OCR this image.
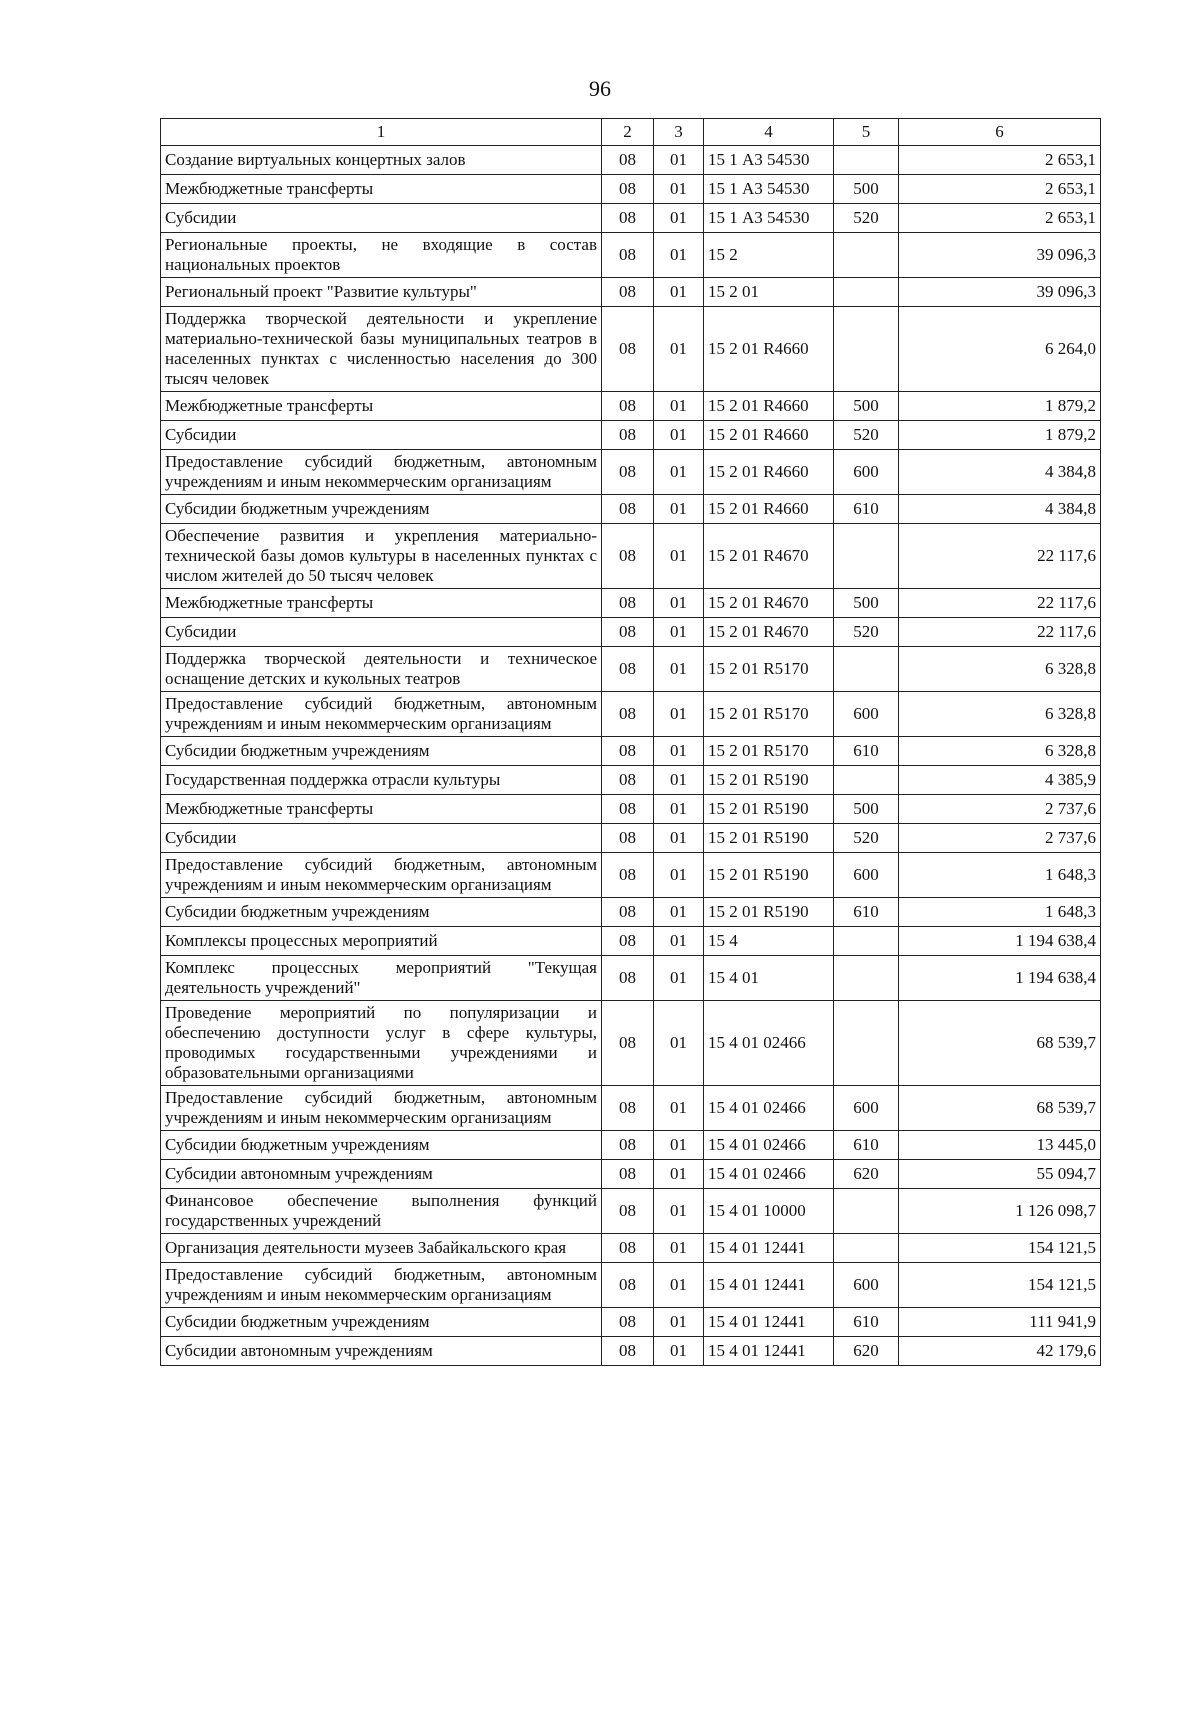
96
1	2	3	4	5	6
Создание виртуальных концертных залов	08	01	15 1 А3 54530		2 653,1
Межбюджетные трансферты	08	01	15 1 А3 54530	500	2 653,1
Субсидии	08	01	15 1 А3 54530	520	2 653,1
Региональные проекты, не входящие в состав национальных проектов	08	01	15 2		39 096,3
Региональный проект "Развитие культуры"	08	01	15 2 01		39 096,3
Поддержка творческой деятельности и укрепление материально-технической базы муниципальных театров в населенных пунктах с численностью населения до 300 тысяч человек	08	01	15 2 01 R4660		6 264,0
Межбюджетные трансферты	08	01	15 2 01 R4660	500	1 879,2
Субсидии	08	01	15 2 01 R4660	520	1 879,2
Предоставление субсидий бюджетным, автономным учреждениям и иным некоммерческим организациям	08	01	15 2 01 R4660	600	4 384,8
Субсидии бюджетным учреждениям	08	01	15 2 01 R4660	610	4 384,8
Обеспечение развития и укрепления материально-технической базы домов культуры в населенных пунктах с числом жителей до 50 тысяч человек	08	01	15 2 01 R4670		22 117,6
Межбюджетные трансферты	08	01	15 2 01 R4670	500	22 117,6
Субсидии	08	01	15 2 01 R4670	520	22 117,6
Поддержка творческой деятельности и техническое оснащение детских и кукольных театров	08	01	15 2 01 R5170		6 328,8
Предоставление субсидий бюджетным, автономным учреждениям и иным некоммерческим организациям	08	01	15 2 01 R5170	600	6 328,8
Субсидии бюджетным учреждениям	08	01	15 2 01 R5170	610	6 328,8
Государственная поддержка отрасли культуры	08	01	15 2 01 R5190		4 385,9
Межбюджетные трансферты	08	01	15 2 01 R5190	500	2 737,6
Субсидии	08	01	15 2 01 R5190	520	2 737,6
Предоставление субсидий бюджетным, автономным учреждениям и иным некоммерческим организациям	08	01	15 2 01 R5190	600	1 648,3
Субсидии бюджетным учреждениям	08	01	15 2 01 R5190	610	1 648,3
Комплексы процессных мероприятий	08	01	15 4		1 194 638,4
Комплекс процессных мероприятий "Текущая деятельность учреждений"	08	01	15 4 01		1 194 638,4
Проведение мероприятий по популяризации и обеспечению доступности услуг в сфере культуры, проводимых государственными учреждениями и образовательными организациями	08	01	15 4 01 02466		68 539,7
Предоставление субсидий бюджетным, автономным учреждениям и иным некоммерческим организациям	08	01	15 4 01 02466	600	68 539,7
Субсидии бюджетным учреждениям	08	01	15 4 01 02466	610	13 445,0
Субсидии автономным учреждениям	08	01	15 4 01 02466	620	55 094,7
Финансовое обеспечение выполнения функций государственных учреждений	08	01	15 4 01 10000		1 126 098,7
Организация деятельности музеев Забайкальского края	08	01	15 4 01 12441		154 121,5
Предоставление субсидий бюджетным, автономным учреждениям и иным некоммерческим организациям	08	01	15 4 01 12441	600	154 121,5
Субсидии бюджетным учреждениям	08	01	15 4 01 12441	610	111 941,9
Субсидии автономным учреждениям	08	01	15 4 01 12441	620	42 179,6
